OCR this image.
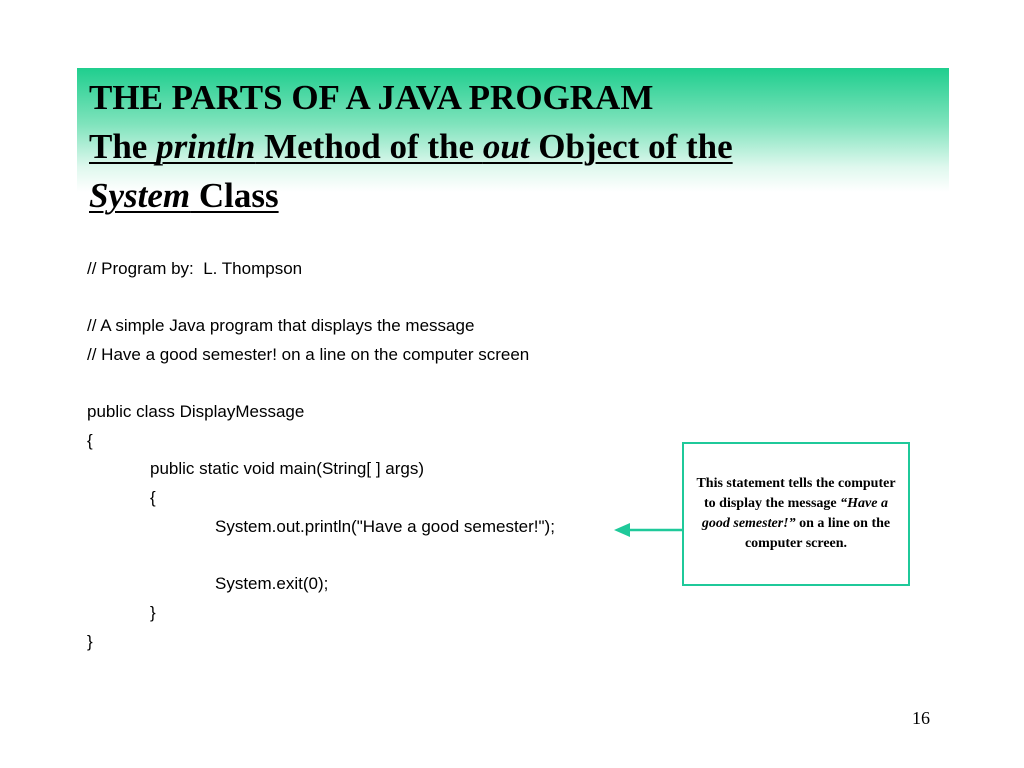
THE PARTS OF A JAVA PROGRAM
The println Method of the out Object of the
System Class
// Program by:  L. Thompson
// A simple Java program that displays the message
// Have a good semester! on a line on the computer screen
public class DisplayMessage
{
public static void main(String[ ] args)
{
System.out.println("Have a good semester!");
System.exit(0);
}
}
This statement tells the computer to display the message “Have a good semester!” on a line on the computer screen.
16
